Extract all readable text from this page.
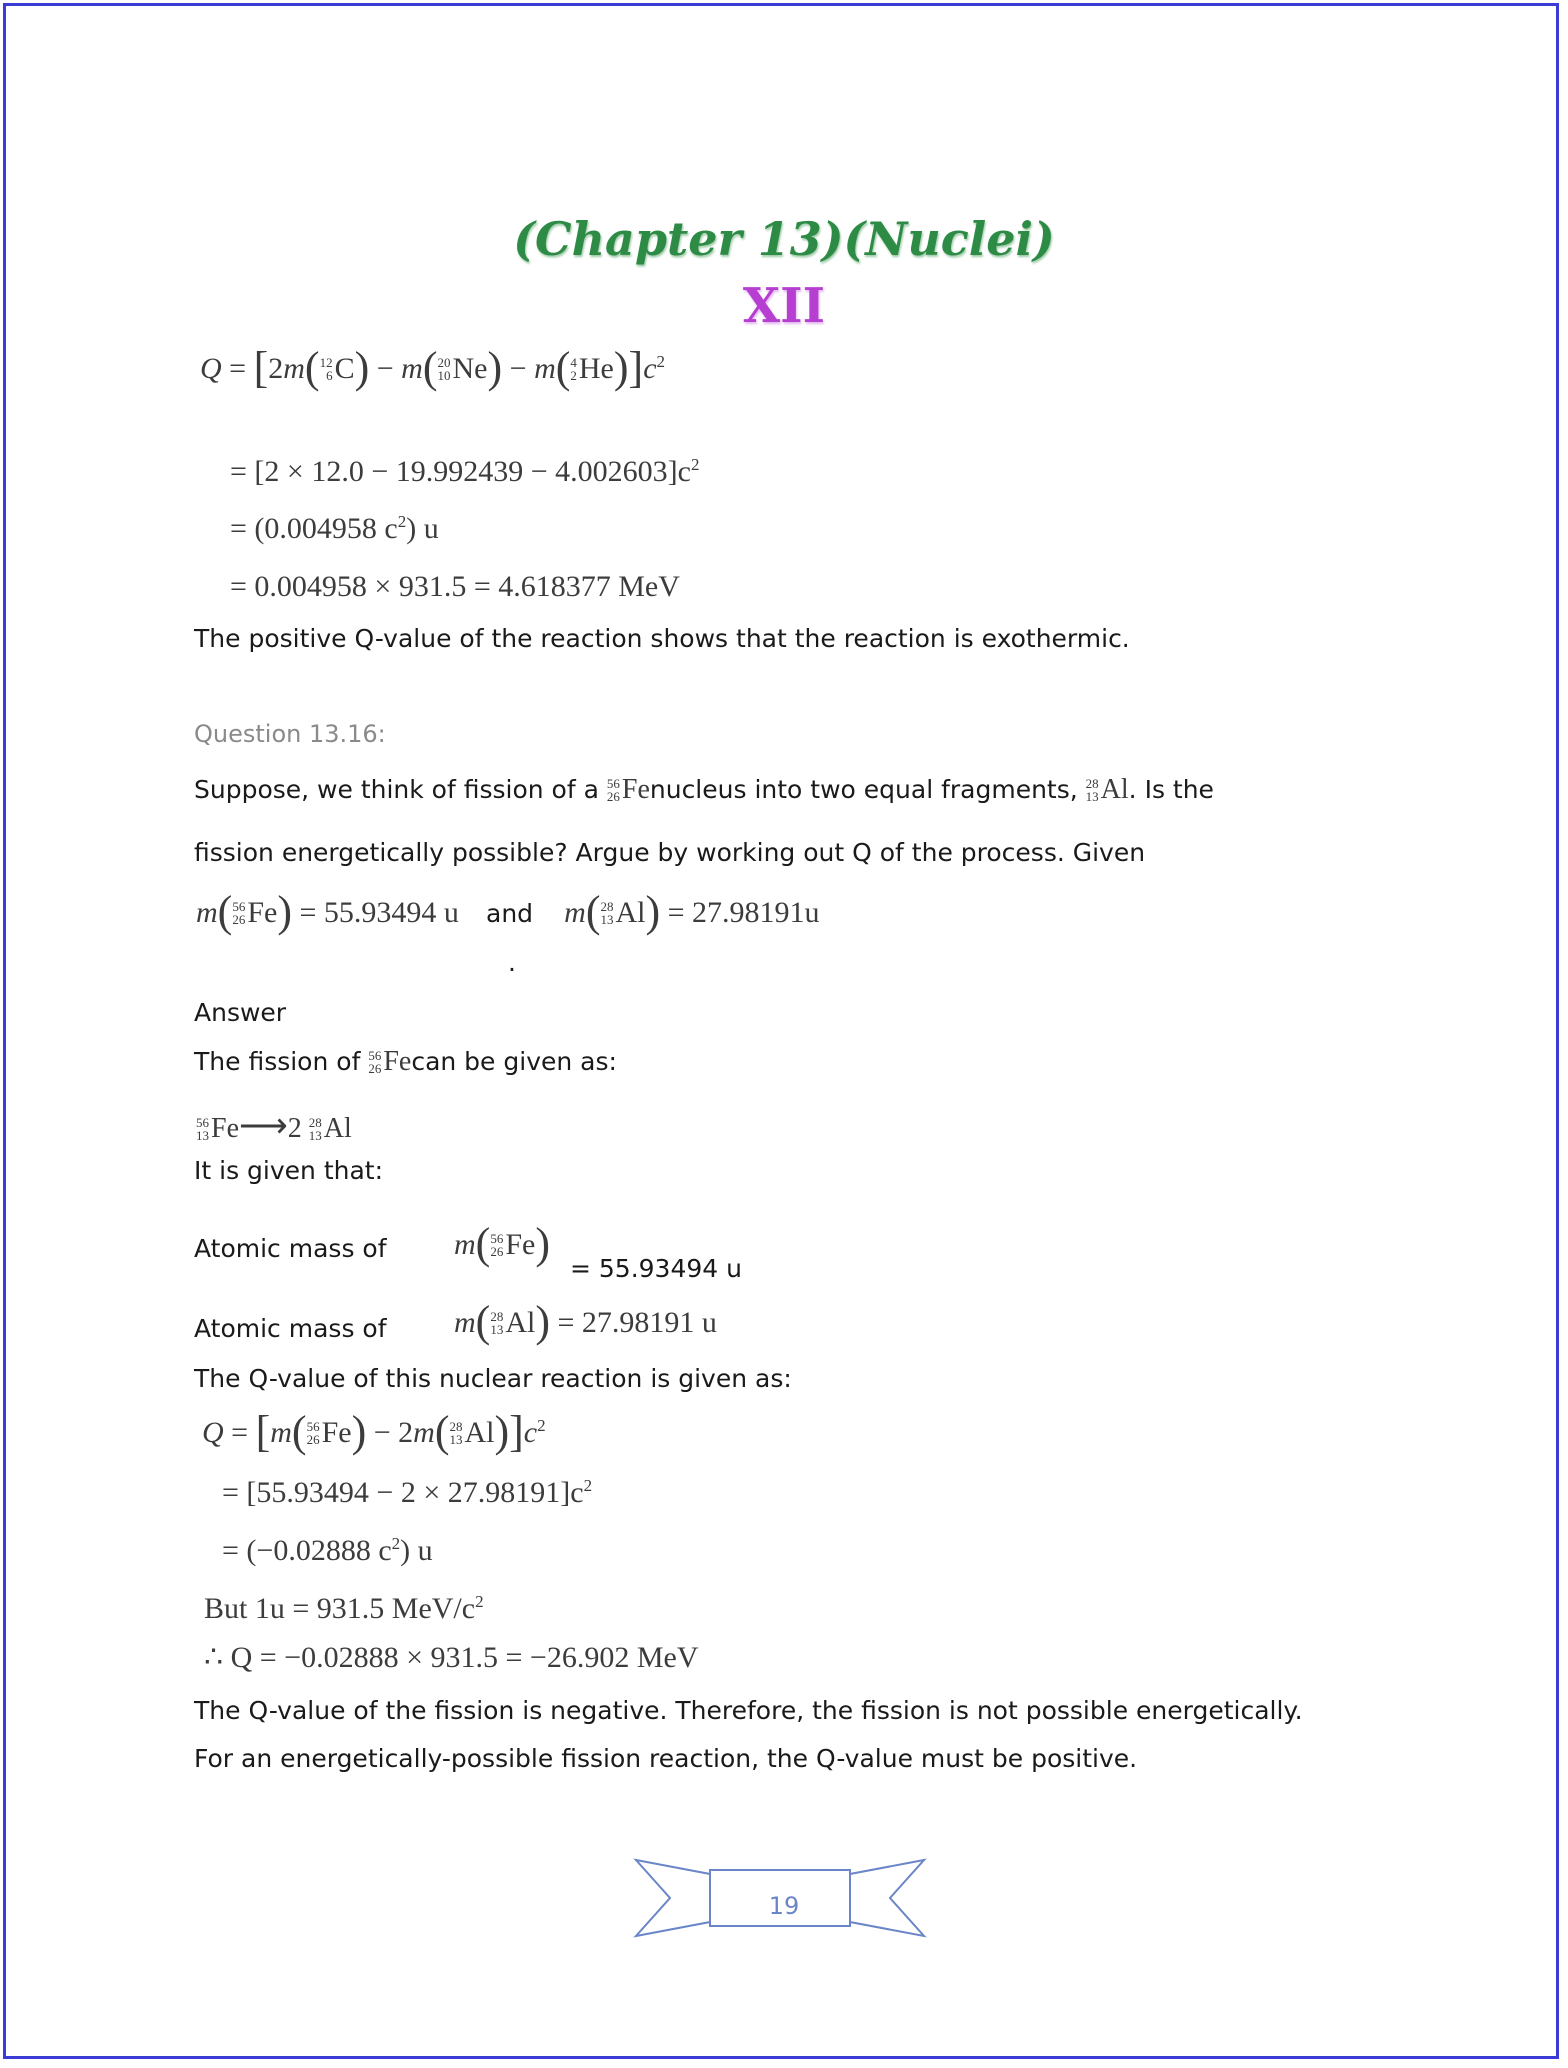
(Chapter 13)(Nuclei)
XII
Q = [2m( 12
6 C) − m( 20
10 Ne) − m( 4
2 $He)]c^2$
= $[2 \times 12.0 - 19.992439 - 4.002603]c^2$
= (0.004958 $c^2$) u
= 0.004958 × 931.5 = 4.618377 MeV
The positive Q-value of the reaction shows that the reaction is exothermic.
Question 13.16:
Suppose, we think of fission of a 56
26 Fenucleus into two equal fragments, 28
13 Al. Is the
fission energetically possible? Argue by working out Q of the process. Given
m( 56
26 Fe) = 55.93494 u and m( 28
13 Al) = 27.98191u
.
Answer
The fission of 56
26 Fecan be given as:
56
13 Fe⟶2 28
13 Al
It is given that:
Atomic mass of m( 56
26 Fe)
= 55.93494 u
Atomic mass of m( 28
13 Al) = 27.98191 u
The Q-value of this nuclear reaction is given as:
Q = [m( 56
26 Fe) − 2m( 28
13 $Al)]c^2$
= $[55.93494 - 2 \times 27.98191]c^2$
= (−0.02888 $c^2$) u
But 1u = 931.5 MeV/$c^2$
∴ Q = −0.02888 × 931.5 = −26.902 MeV
The Q-value of the fission is negative. Therefore, the fission is not possible energetically.
For an energetically-possible fission reaction, the Q-value must be positive.
19
